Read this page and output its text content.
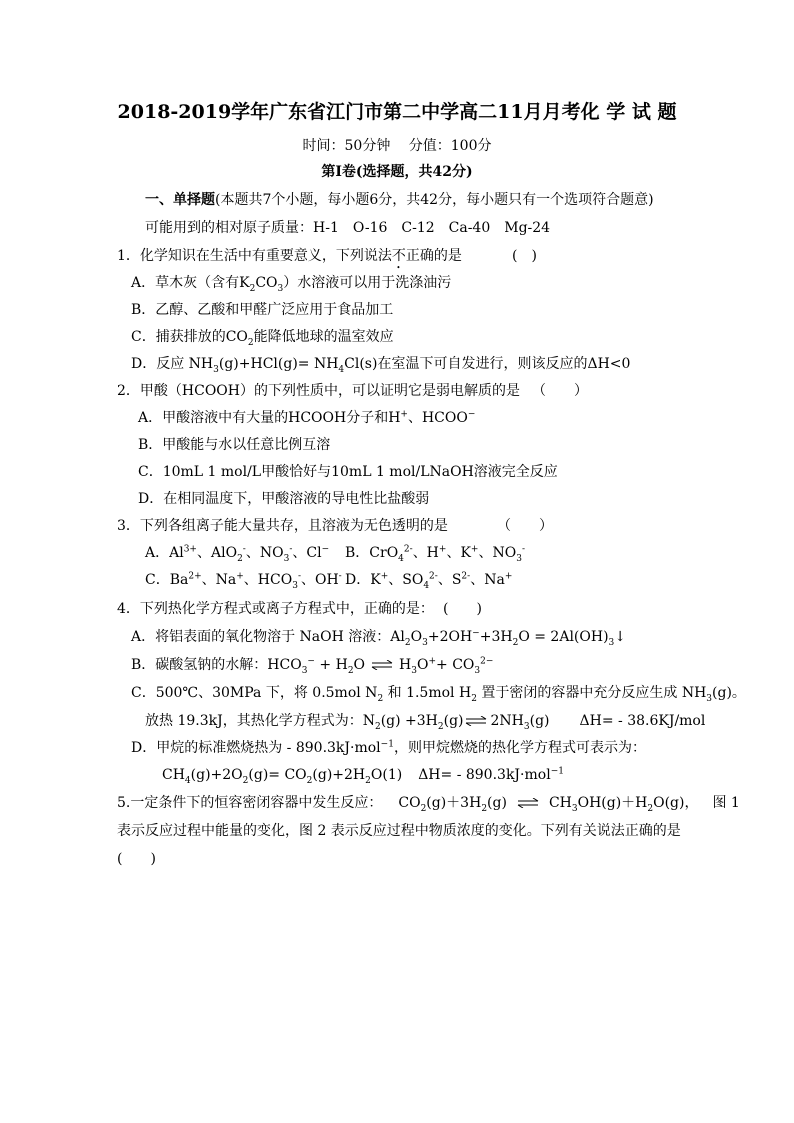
2018-2019学年广东省江门市第二中学高二11月月考化 学 试 题
时间：50分钟　 分值：100分
第Ⅰ卷(选择题，共42分)
一、单择题(本题共7个小题，每小题6分，共42分，每小题只有一个选项符合题意)
可能用到的相对原子质量：H-1　O-16　C-12　Ca-40　Mg-24
1．化学知识在生活中有重要意义，下列说法不正确的是	(　)
A．草木灰（含有$K_2CO_3$）水溶液可以用于洗涤油污
B．乙醇、乙酸和甲醛广泛应用于食品加工
C．捕获排放的$CO_2$能降低地球的温室效应
D．反应 $NH_3(g)+HCl(g)= NH_4Cl(s)$在室温下可自发进行，则该反应的ΔH<0
2．甲酸（HCOOH）的下列性质中，可以证明它是弱电解质的是 （　　）
A．甲酸溶液中有大量的HCOOH分子和H+、HCOO−
B．甲酸能与水以任意比例互溶
C．10mL 1 mol/L甲酸恰好与10mL 1 mol/LNaOH溶液完全反应
D．在相同温度下，甲酸溶液的导电性比盐酸弱
3．下列各组离子能大量共存，且溶液为无色透明的是	（　　）
A．$Al^{3+}$、AlO$_2$-、$NO_3^-$、Cl− B．CrO$_4^{2-}$、H+、K+、$NO_3^-$
C．$Ba^{2+}$、Na+、$HCO_3^-$、OH- D．K+、$SO_4^{2-}$、$S^{2-}$、Na+
4．下列热化学方程式或离子方程式中，正确的是： (　　)
A．将铝表面的氧化物溶于 NaOH 溶液：$Al_2O_3+2OH^-+3H_2O$ = $2Al(OH)_3↓$
B．碳酸氢钠的水解：$HCO_3^- + H_2O$ $H_3O^++ CO_3^{2-}$
C．500℃、30MPa 下，将 0.5mol $N_2$ 和 1.5mol $H_2$ 置于密闭的容器中充分反应生成 $NH_3(g)$。
放热 19.3kJ，其热化学方程式为：$N_2(g) +3H_2(g)$ $2NH_3(g)$ ΔH= - 38.6KJ/mol
D．甲烷的标准燃烧热为 - 890.3kJ·mol$^{-1}$，则甲烷燃烧的热化学方程式可表示为：
$CH_4(g)+2O_2(g)= CO_2(g)+2H_2O(1)$ ΔH= - 890.3kJ·mol$^{-1}$
5.一定条件下的恒容密闭容器中发生反应： $CO_2(g)+3H_2(g)$	$CH_3OH(g)+H_2O(g)$， 图 1
表示反应过程中能量的变化，图 2 表示反应过程中物质浓度的变化。下列有关说法正确的是
(　　)
